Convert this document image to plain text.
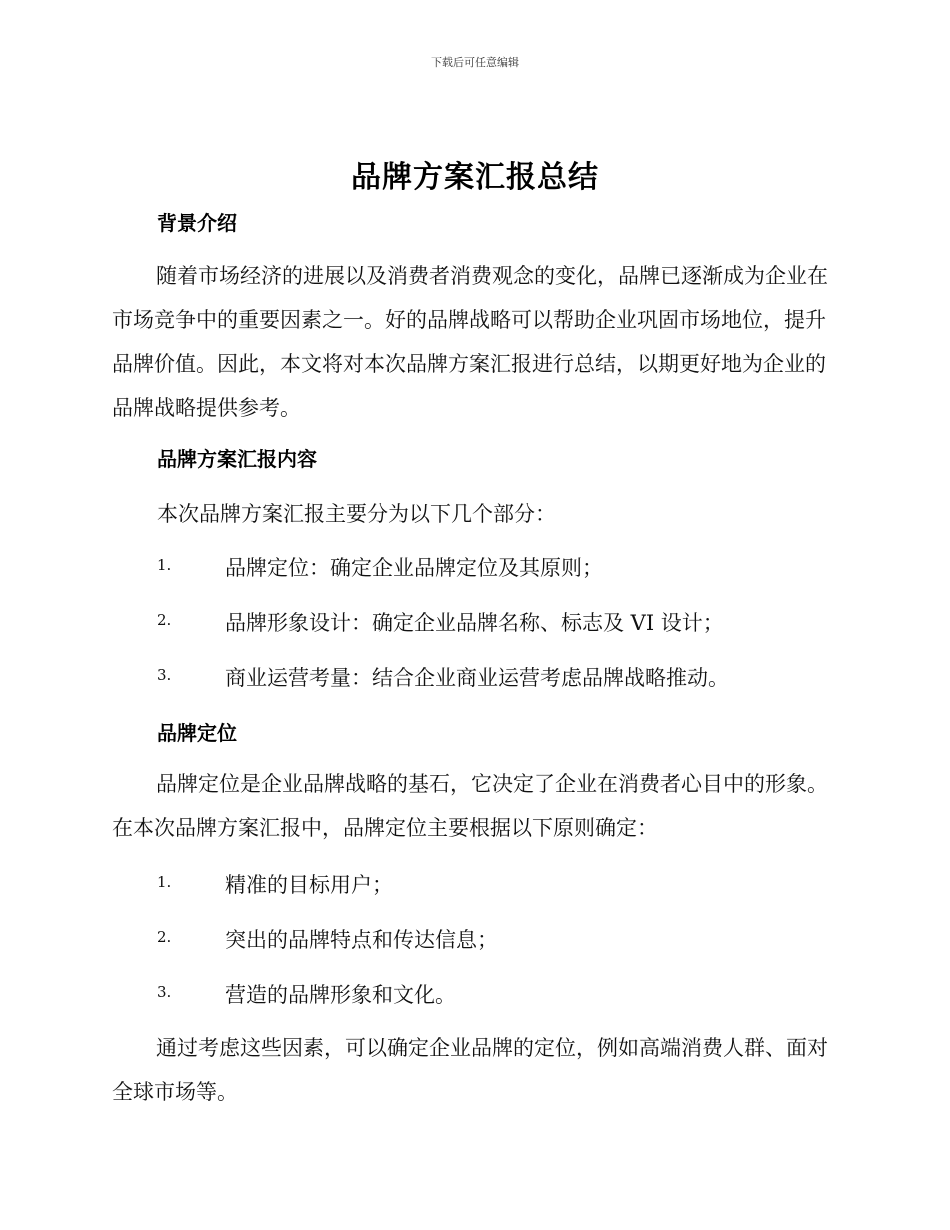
下载后可任意编辑
品牌方案汇报总结
背景介绍
随着市场经济的进展以及消费者消费观念的变化，品牌已逐渐成为企业在市场竞争中的重要因素之一。好的品牌战略可以帮助企业巩固市场地位，提升品牌价值。因此，本文将对本次品牌方案汇报进行总结，以期更好地为企业的品牌战略提供参考。
品牌方案汇报内容
本次品牌方案汇报主要分为以下几个部分：
1.	品牌定位：确定企业品牌定位及其原则；
2.	品牌形象设计：确定企业品牌名称、标志及 VI 设计；
3.	商业运营考量：结合企业商业运营考虑品牌战略推动。
品牌定位
品牌定位是企业品牌战略的基石，它决定了企业在消费者心目中的形象。在本次品牌方案汇报中，品牌定位主要根据以下原则确定：
1.	精准的目标用户；
2.	突出的品牌特点和传达信息；
3.	营造的品牌形象和文化。
通过考虑这些因素，可以确定企业品牌的定位，例如高端消费人群、面对全球市场等。
